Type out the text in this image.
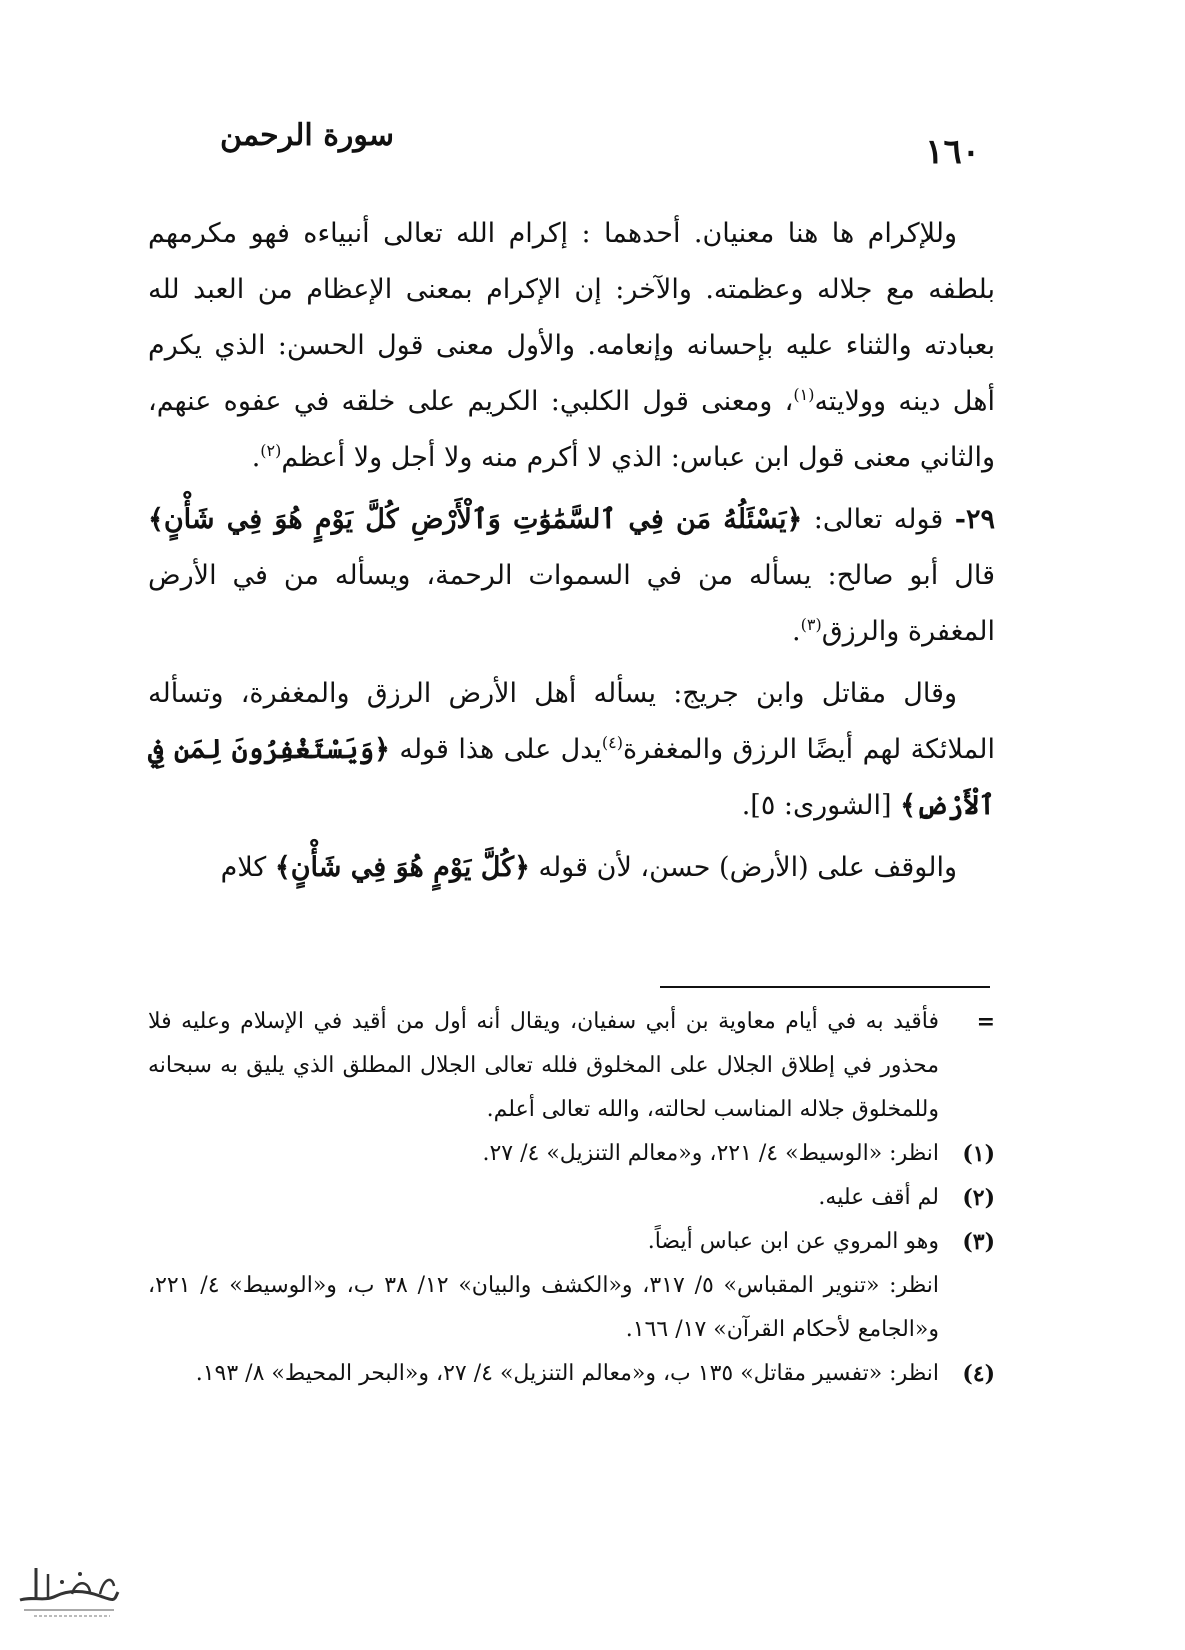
١٦٠
سورة الرحمن

وللإكرام ها هنا معنيان. أحدهما : إكرام الله تعالى أنبياءه فهو مكرمهم بلطفه مع جلاله وعظمته. والآخر: إن الإكرام بمعنى الإعظام من العبد لله بعبادته والثناء عليه بإحسانه وإنعامه. والأول معنى قول الحسن: الذي يكرم أهل دينه وولايته$^{(١)}$، ومعنى قول الكلبي: الكريم على خلقه في عفوه عنهم، والثاني معنى قول ابن عباس: الذي لا أكرم منه ولا أجل ولا أعظم$^{(٢)}$.

٢٩- قوله تعالى: ﴿يَسْئَلُهُ مَن فِي ٱلسَّمَٰوَٰتِ وَٱلْأَرْضِ كُلَّ يَوْمٍ هُوَ فِي شَأْنٍ﴾ قال أبو صالح: يسأله من في السموات الرحمة، ويسأله من في الأرض المغفرة والرزق$^{(٣)}$.

وقال مقاتل وابن جريج: يسأله أهل الأرض الرزق والمغفرة، وتسأله الملائكة لهم أيضًا الرزق والمغفرة$^{(٤)}$يدل على هذا قوله ﴿وَيَسْتَغْفِرُونَ لِمَن فِي ٱلْأَرْضِ﴾ [الشورى: ٥].

والوقف على (الأرض) حسن، لأن قوله ﴿كُلَّ يَوْمٍ هُوَ فِي شَأْنٍ﴾ كلام

=
فأقيد به في أيام معاوية بن أبي سفيان، ويقال أنه أول من أقيد في الإسلام وعليه فلا محذور في إطلاق الجلال على المخلوق فلله تعالى الجلال المطلق الذي يليق به سبحانه وللمخلوق جلاله المناسب لحالته، والله تعالى أعلم.
(١)
انظر: «الوسيط» ٤/ ٢٢١، و«معالم التنزيل» ٤/ ٢٧.
(٢)
لم أقف عليه.
(٣)
وهو المروي عن ابن عباس أيضاً.
انظر: «تنوير المقباس» ٥/ ٣١٧، و«الكشف والبيان» ١٢/ ٣٨ ب، و«الوسيط» ٤/ ٢٢١، و«الجامع لأحكام القرآن» ١٧/ ١٦٦.
(٤)
انظر: «تفسير مقاتل» ١٣٥ ب، و«معالم التنزيل» ٤/ ٢٧، و«البحر المحيط» ٨/ ١٩٣.
